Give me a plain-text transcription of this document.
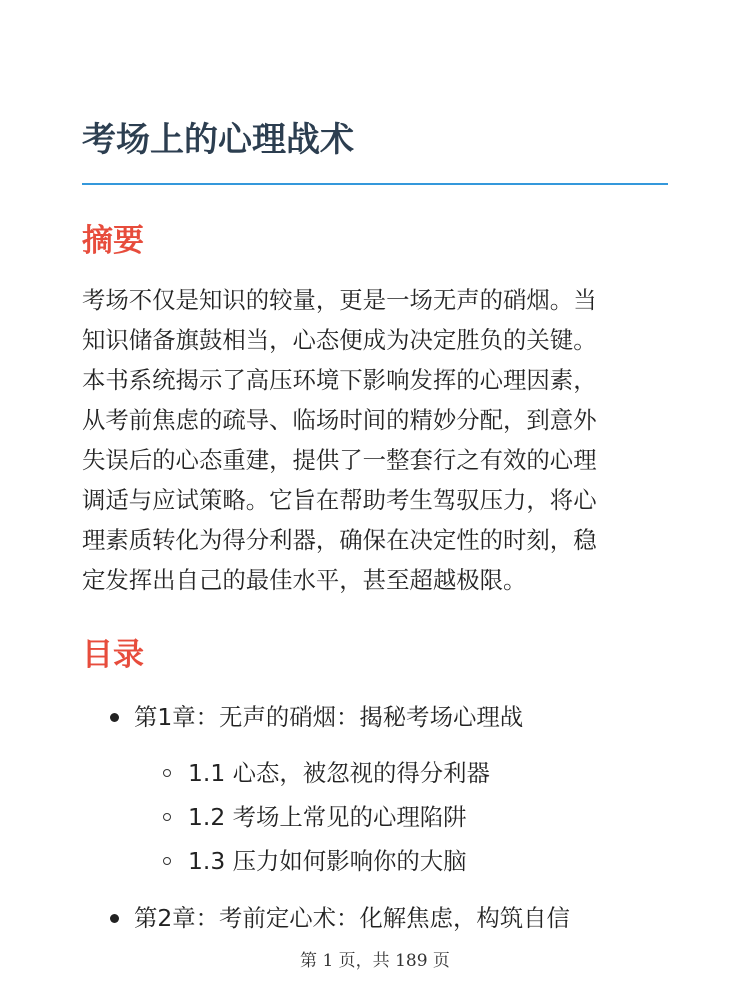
考场上的心理战术
摘要

考场不仅是知识的较量，更是一场无声的硝烟。当
知识储备旗鼓相当，心态便成为决定胜负的关键。
本书系统揭示了高压环境下影响发挥的心理因素，
从考前焦虑的疏导、临场时间的精妙分配，到意外
失误后的心态重建，提供了一整套行之有效的心理
调适与应试策略。它旨在帮助考生驾驭压力，将心
理素质转化为得分利器，确保在决定性的时刻，稳
定发挥出自己的最佳水平，甚至超越极限。

目录
第1章：无声的硝烟：揭秘考场心理战
1.1 心态，被忽视的得分利器
1.2 考场上常见的心理陷阱
1.3 压力如何影响你的大脑
第2章：考前定心术：化解焦虑，构筑自信
第 1 页，共 189 页
